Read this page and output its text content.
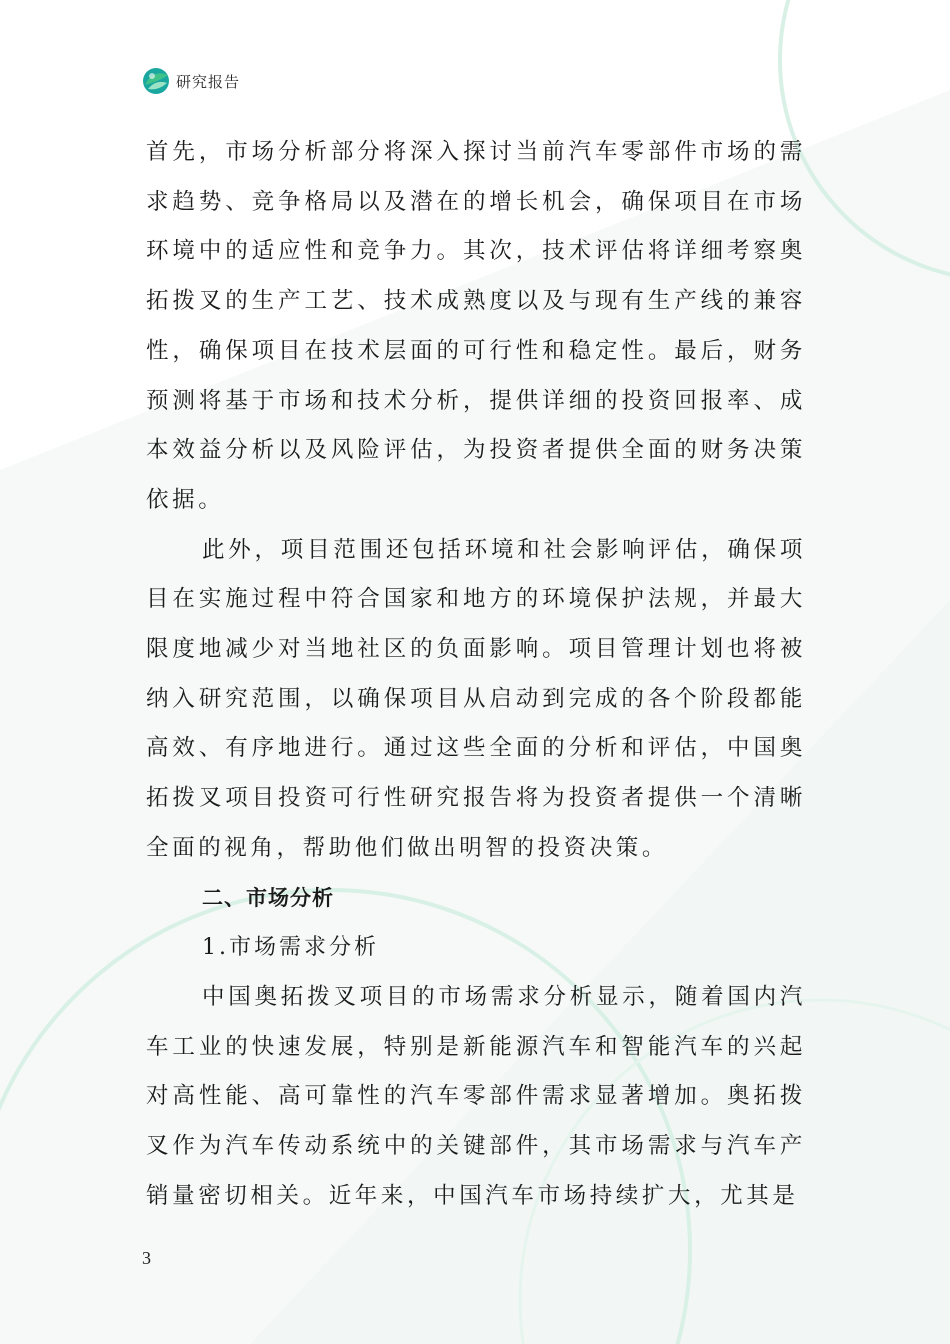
研究报告

首先，市场分析部分将深入探讨当前汽车零部件市场的需求趋势、竞争格局以及潜在的增长机会，确保项目在市场环境中的适应性和竞争力。其次，技术评估将详细考察奥拓拨叉的生产工艺、技术成熟度以及与现有生产线的兼容性，确保项目在技术层面的可行性和稳定性。最后，财务预测将基于市场和技术分析，提供详细的投资回报率、成本效益分析以及风险评估，为投资者提供全面的财务决策依据。

此外，项目范围还包括环境和社会影响评估，确保项目在实施过程中符合国家和地方的环境保护法规，并最大限度地减少对当地社区的负面影响。项目管理计划也将被纳入研究范围，以确保项目从启动到完成的各个阶段都能高效、有序地进行。通过这些全面的分析和评估，中国奥拓拨叉项目投资可行性研究报告将为投资者提供一个清晰全面的视角，帮助他们做出明智的投资决策。

二、市场分析

1.市场需求分析

中国奥拓拨叉项目的市场需求分析显示，随着国内汽车工业的快速发展，特别是新能源汽车和智能汽车的兴起对高性能、高可靠性的汽车零部件需求显著增加。奥拓拨叉作为汽车传动系统中的关键部件，其市场需求与汽车产销量密切相关。近年来，中国汽车市场持续扩大，尤其是

3
